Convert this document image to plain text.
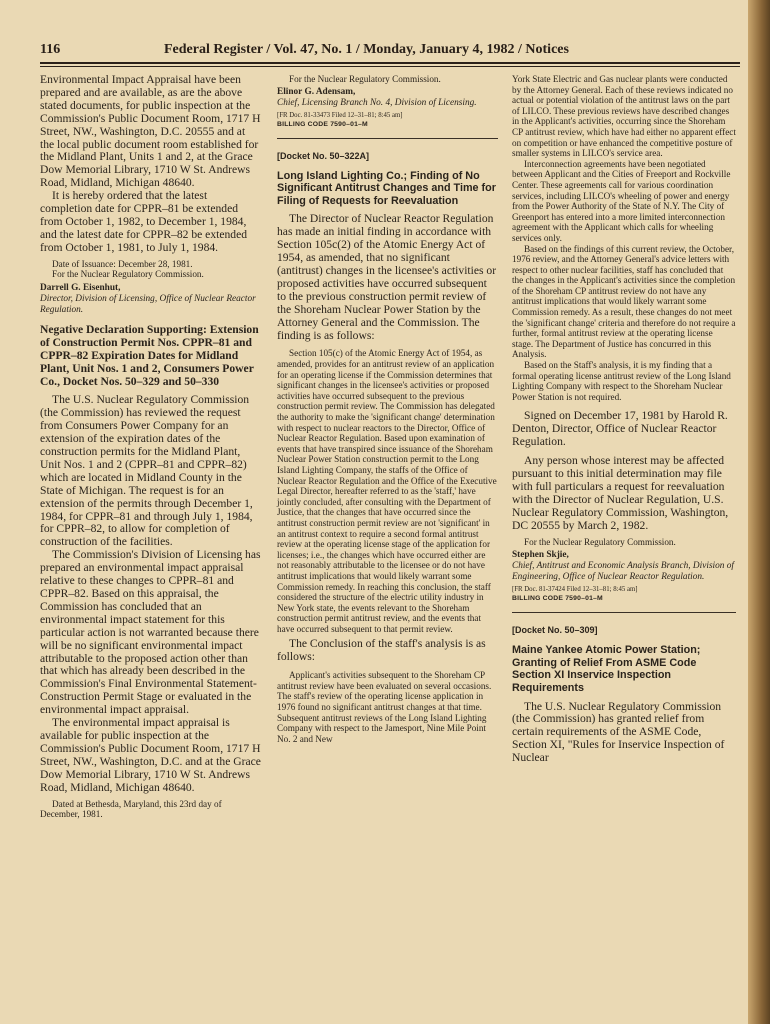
116	Federal Register / Vol. 47, No. 1 / Monday, January 4, 1982 / Notices

Environmental Impact Appraisal have been prepared and are available, as are the above stated documents, for public inspection at the Commission's Public Document Room, 1717 H Street, NW., Washington, D.C. 20555 and at the local public document room established for the Midland Plant, Units 1 and 2, at the Grace Dow Memorial Library, 1710 W St. Andrews Road, Midland, Michigan 48640.

It is hereby ordered that the latest completion date for CPPR–81 be extended from October 1, 1982, to December 1, 1984, and the latest date for CPPR–82 be extended from October 1, 1981, to July 1, 1984.

Date of Issuance: December 28, 1981.

For the Nuclear Regulatory Commission.

Darrell G. Eisenhut,

Director, Division of Licensing, Office of Nuclear Reactor Regulation.

Negative Declaration Supporting: Extension of Construction Permit Nos. CPPR–81 and CPPR–82 Expiration Dates for Midland Plant, Unit Nos. 1 and 2, Consumers Power Co., Docket Nos. 50–329 and 50–330

The U.S. Nuclear Regulatory Commission (the Commission) has reviewed the request from Consumers Power Company for an extension of the expiration dates of the construction permits for the Midland Plant, Unit Nos. 1 and 2 (CPPR–81 and CPPR–82) which are located in Midland County in the State of Michigan. The request is for an extension of the permits through December 1, 1984, for CPPR–81 and through July 1, 1984, for CPPR–82, to allow for completion of construction of the facilities.

The Commission's Division of Licensing has prepared an environmental impact appraisal relative to these changes to CPPR–81 and CPPR–82. Based on this appraisal, the Commission has concluded that an environmental impact statement for this particular action is not warranted because there will be no significant environmental impact attributable to the proposed action other than that which has already been described in the Commission's Final Environmental Statement-Construction Permit Stage or evaluated in the environmental impact appraisal.

The environmental impact appraisal is available for public inspection at the Commission's Public Document Room, 1717 H Street, NW., Washington, D.C. and at the Grace Dow Memorial Library, 1710 W St. Andrews Road, Midland, Michigan 48640.

Dated at Bethesda, Maryland, this 23rd day of December, 1981.

For the Nuclear Regulatory Commission.

Elinor G. Adensam,

Chief, Licensing Branch No. 4, Division of Licensing.

[FR Doc. 81-33473 Filed 12–31–81; 8:45 am]

BILLING CODE 7590–01–M

[Docket No. 50–322A]

Long Island Lighting Co.; Finding of No Significant Antitrust Changes and Time for Filing of Requests for Reevaluation

The Director of Nuclear Reactor Regulation has made an initial finding in accordance with Section 105c(2) of the Atomic Energy Act of 1954, as amended, that no significant (antitrust) changes in the licensee's activities or proposed activities have occurred subsequent to the previous construction permit review of the Shoreham Nuclear Power Station by the Attorney General and the Commission. The finding is as follows:

Section 105(c) of the Atomic Energy Act of 1954, as amended, provides for an antitrust review of an application for an operating license if the Commission determines that significant changes in the licensee's activities or proposed activities have occurred subsequent to the previous construction permit review. The Commission has delegated the authority to make the 'significant change' determination with respect to nuclear reactors to the Director, Office of Nuclear Reactor Regulation. Based upon examination of events that have transpired since issuance of the Shoreham Nuclear Power Station construction permit to the Long Island Lighting Company, the staffs of the Office of Nuclear Reactor Regulation and the Office of the Executive Legal Director, hereafter referred to as the 'staff,' have jointly concluded, after consulting with the Department of Justice, that the changes that have occurred since the antitrust construction permit review are not 'significant' in an antitrust context to require a second formal antitrust review at the operating license stage of the application for licenses; i.e., the changes which have occurred either are not reasonably attributable to the licensee or do not have antitrust implications that would likely warrant some Commission remedy. In reaching this conclusion, the staff considered the structure of the electric utility industry in New York state, the events relevant to the Shoreham construction permit antitrust review, and the events that have occurred subsequent to that permit review.

The Conclusion of the staff's analysis is as follows:

Applicant's activities subsequent to the Shoreham CP antitrust review have been evaluated on several occasions. The staff's review of the operating license application in 1976 found no significant antitrust changes at that time. Subsequent antitrust reviews of the Long Island Lighting Company with respect to the Jamesport, Nine Mile Point No. 2 and New

York State Electric and Gas nuclear plants were conducted by the Attorney General. Each of these reviews indicated no actual or potential violation of the antitrust laws on the part of LILCO. These previous reviews have described changes in the Applicant's activities, occurring since the Shoreham CP antitrust review, which have had either no apparent effect on competition or have enhanced the competitive posture of smaller systems in LILCO's service area.

Interconnection agreements have been negotiated between Applicant and the Cities of Freeport and Rockville Center. These agreements call for various coordination services, including LILCO's wheeling of power and energy from the Power Authority of the State of N.Y. The City of Greenport has entered into a more limited interconnection agreement with the Applicant which calls for wheeling services only.

Based on the findings of this current review, the October, 1976 review, and the Attorney General's advice letters with respect to other nuclear facilities, staff has concluded that the changes in the Applicant's activities since the completion of the Shoreham CP antitrust review do not have any antitrust implications that would likely warrant some Commission remedy. As a result, these changes do not meet the 'significant change' criteria and therefore do not require a further, formal antitrust review at the operating license stage. The Department of Justice has concurred in this Analysis.

Based on the Staff's analysis, it is my finding that a formal operating license antitrust review of the Long Island Lighting Company with respect to the Shoreham Nuclear Power Station is not required.

Signed on December 17, 1981 by Harold R. Denton, Director, Office of Nuclear Reactor Regulation.

Any person whose interest may be affected pursuant to this initial determination may file with full particulars a request for reevaluation with the Director of Nuclear Regulation, U.S. Nuclear Regulatory Commission, Washington, DC 20555 by March 2, 1982.

For the Nuclear Regulatory Commission.

Stephen Skjie,

Chief, Antitrust and Economic Analysis Branch, Division of Engineering, Office of Nuclear Reactor Regulation.

[FR Doc. 81-37424 Filed 12–31–81; 8:45 am]

BILLING CODE 7590–01–M

[Docket No. 50–309]

Maine Yankee Atomic Power Station; Granting of Relief From ASME Code Section XI Inservice Inspection Requirements

The U.S. Nuclear Regulatory Commission (the Commission) has granted relief from certain requirements of the ASME Code, Section XI, "Rules for Inservice Inspection of Nuclear
